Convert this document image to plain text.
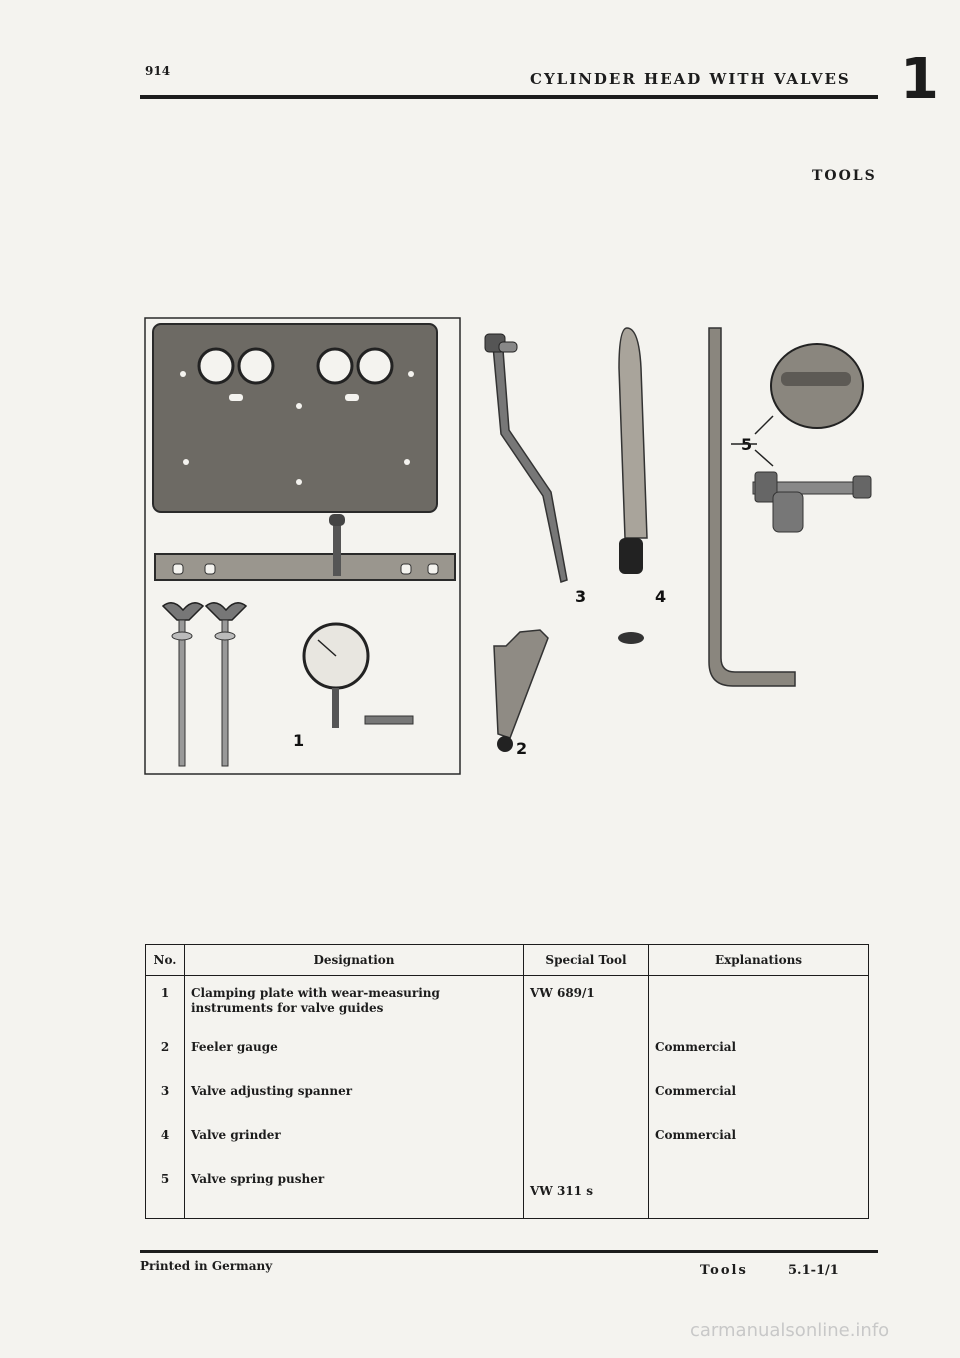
914	CYLINDER HEAD WITH VALVES 1
TOOLS
1	2
3	4
5
No.	Designation	Special Tool	Explanations

1	Clamping plate with wear-measuring instruments for valve guides	VW 689/1	

2	Feeler gauge		Commercial

3	Valve adjusting spanner		Commercial

4	Valve grinder		Commercial

5	Valve spring pusher	VW 311 s	

Printed in Germany	Tools	5.1-1/1
carmanualsonline.info
